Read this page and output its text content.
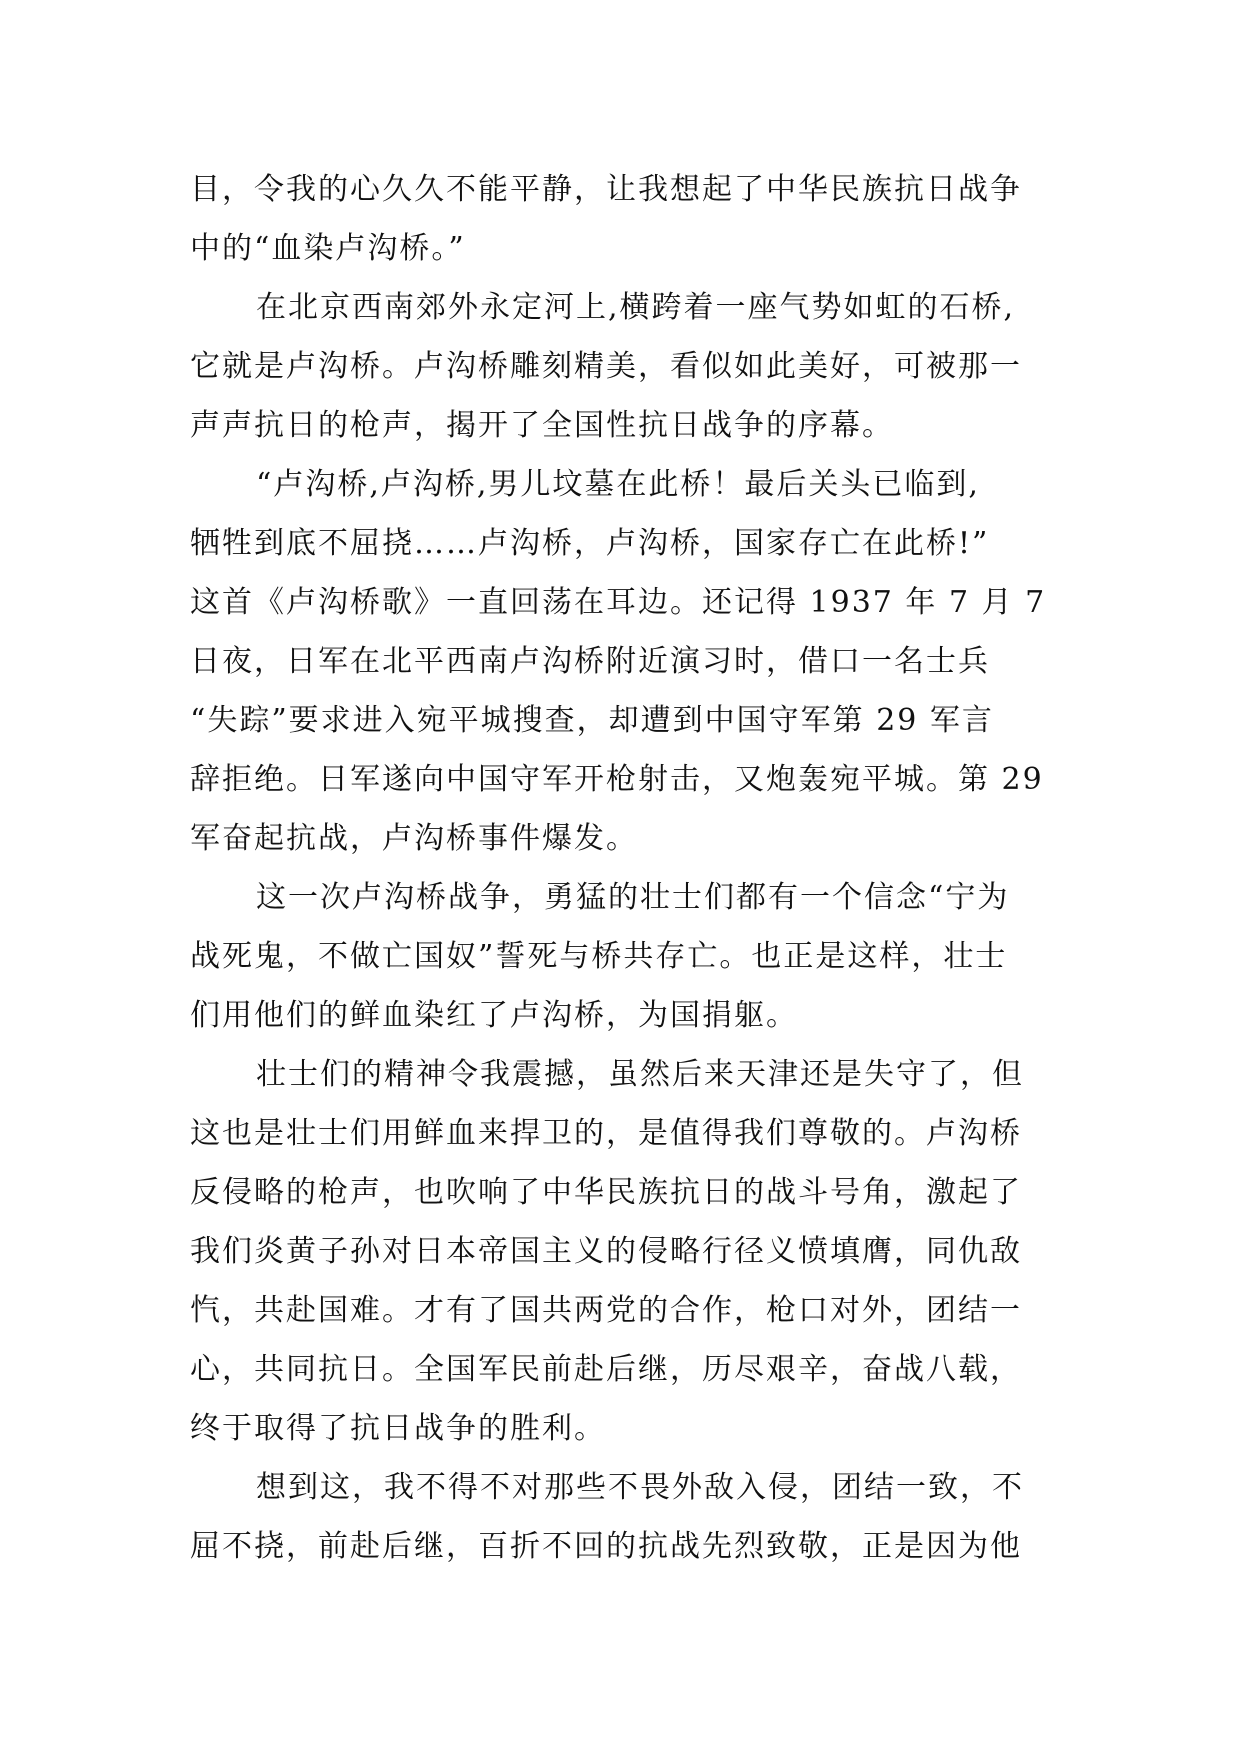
目，令我的心久久不能平静，让我想起了中华民族抗日战争
中的“血染卢沟桥。”
在北京西南郊外永定河上,横跨着一座气势如虹的石桥,
它就是卢沟桥。卢沟桥雕刻精美，看似如此美好，可被那一
声声抗日的枪声，揭开了全国性抗日战争的序幕。
“卢沟桥,卢沟桥,男儿坟墓在此桥！最后关头已临到,
牺牲到底不屈挠……卢沟桥，卢沟桥，国家存亡在此桥!”
这首《卢沟桥歌》一直回荡在耳边。还记得 1937 年 7 月 7
日夜，日军在北平西南卢沟桥附近演习时，借口一名士兵
“失踪”要求进入宛平城搜查，却遭到中国守军第 29 军言
辞拒绝。日军遂向中国守军开枪射击，又炮轰宛平城。第 29
军奋起抗战，卢沟桥事件爆发。
这一次卢沟桥战争，勇猛的壮士们都有一个信念“宁为
战死鬼，不做亡国奴”誓死与桥共存亡。也正是这样，壮士
们用他们的鲜血染红了卢沟桥，为国捐躯。
壮士们的精神令我震撼，虽然后来天津还是失守了，但
这也是壮士们用鲜血来捍卫的，是值得我们尊敬的。卢沟桥
反侵略的枪声，也吹响了中华民族抗日的战斗号角，激起了
我们炎黄子孙对日本帝国主义的侵略行径义愤填膺，同仇敌
忾，共赴国难。才有了国共两党的合作，枪口对外，团结一
心，共同抗日。全国军民前赴后继，历尽艰辛，奋战八载，
终于取得了抗日战争的胜利。
想到这，我不得不对那些不畏外敌入侵，团结一致，不
屈不挠，前赴后继，百折不回的抗战先烈致敬，正是因为他
